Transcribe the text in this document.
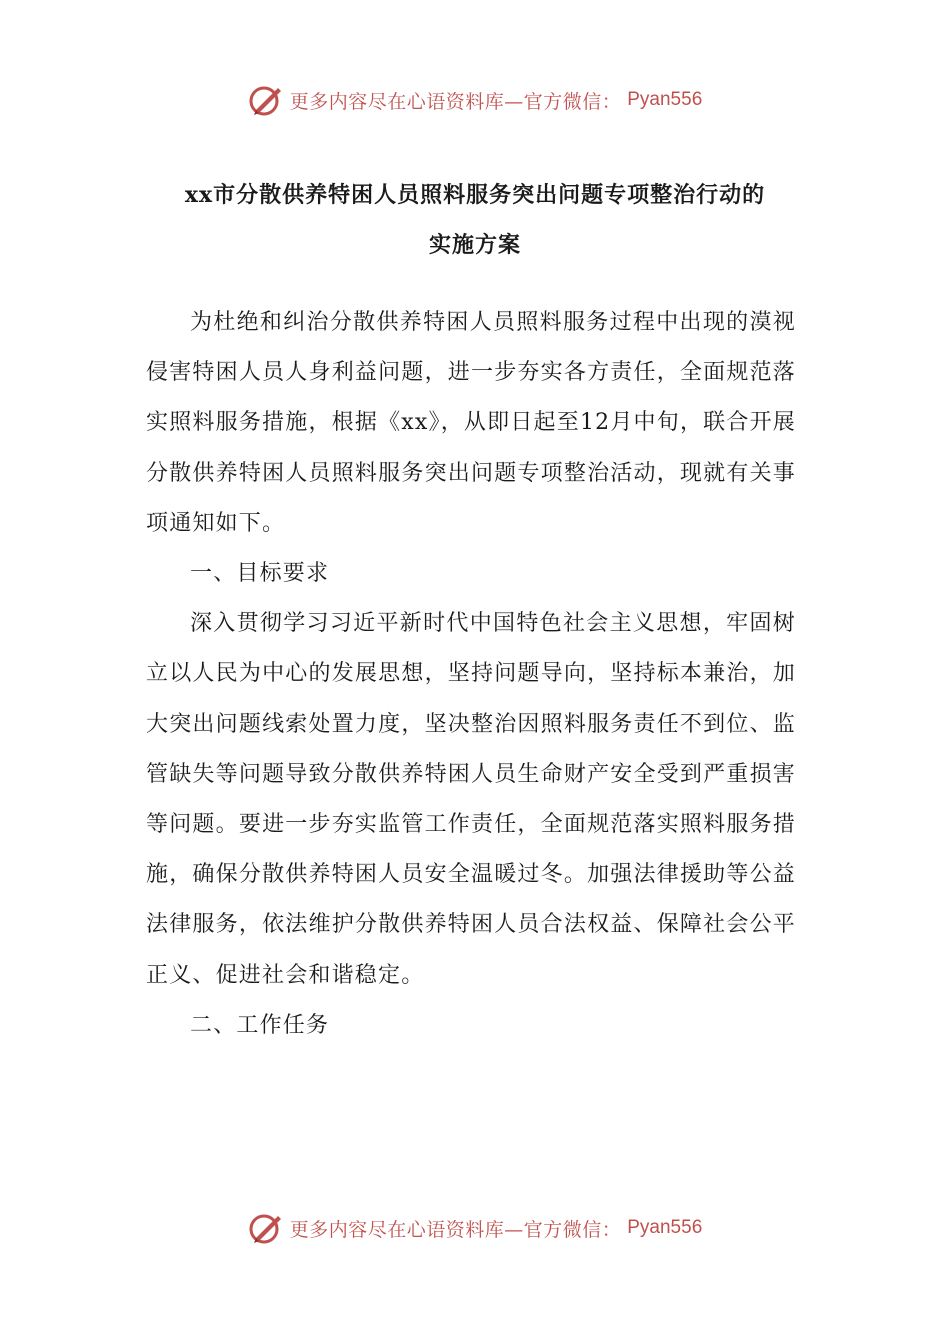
更多内容尽在心语资料库—官方微信： Pyan556
xx市分散供养特困人员照料服务突出问题专项整治行动的
实施方案

为杜绝和纠治分散供养特困人员照料服务过程中出现的漠视侵害特困人员人身利益问题，进一步夯实各方责任，全面规范落实照料服务措施，根据《xx》，从即日起至12月中旬，联合开展分散供养特困人员照料服务突出问题专项整治活动，现就有关事项通知如下。

一、目标要求

深入贯彻学习习近平新时代中国特色社会主义思想，牢固树立以人民为中心的发展思想，坚持问题导向，坚持标本兼治，加大突出问题线索处置力度，坚决整治因照料服务责任不到位、监管缺失等问题导致分散供养特困人员生命财产安全受到严重损害等问题。要进一步夯实监管工作责任，全面规范落实照料服务措施，确保分散供养特困人员安全温暖过冬。加强法律援助等公益法律服务，依法维护分散供养特困人员合法权益、保障社会公平正义、促进社会和谐稳定。

二、工作任务

更多内容尽在心语资料库—官方微信： Pyan556
